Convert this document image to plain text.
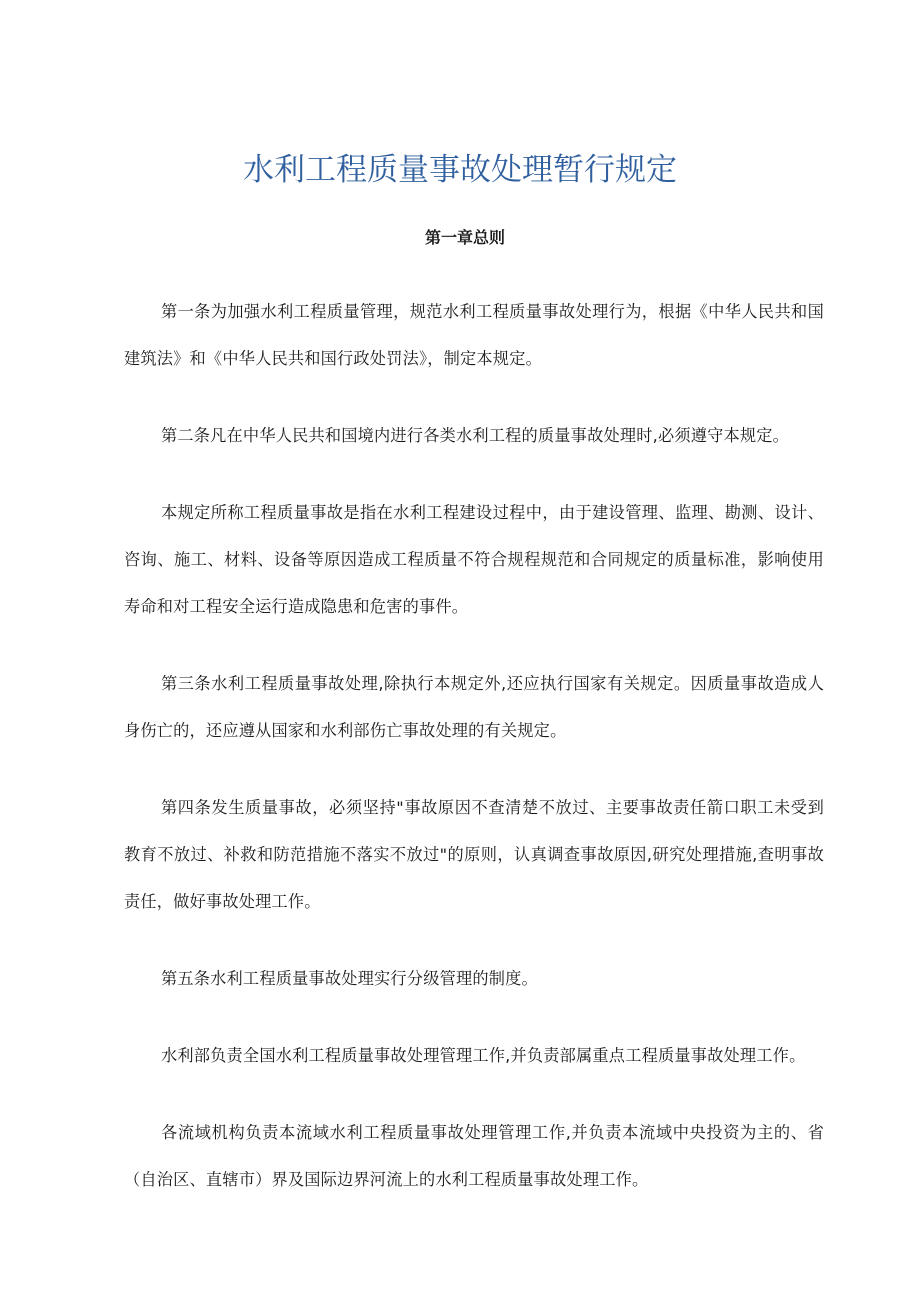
水利工程质量事故处理暂行规定
第一章总则

第一条为加强水利工程质量管理，规范水利工程质量事故处理行为，根据《中华人民共和国建筑法》和《中华人民共和国行政处罚法》，制定本规定。

第二条凡在中华人民共和国境内进行各类水利工程的质量事故处理时,必须遵守本规定。

本规定所称工程质量事故是指在水利工程建设过程中，由于建设管理、监理、勘测、设计、咨询、施工、材料、设备等原因造成工程质量不符合规程规范和合同规定的质量标准，影响使用寿命和对工程安全运行造成隐患和危害的事件。

第三条水利工程质量事故处理,除执行本规定外,还应执行国家有关规定。因质量事故造成人身伤亡的，还应遵从国家和水利部伤亡事故处理的有关规定。

第四条发生质量事故，必须坚持"事故原因不查清楚不放过、主要事故责任箭口职工未受到教育不放过、补救和防范措施不落实不放过"的原则，认真调查事故原因,研究处理措施,查明事故责任，做好事故处理工作。

第五条水利工程质量事故处理实行分级管理的制度。

水利部负责全国水利工程质量事故处理管理工作,并负责部属重点工程质量事故处理工作。

各流域机构负责本流域水利工程质量事故处理管理工作,并负责本流域中央投资为主的、省（自治区、直辖市）界及国际边界河流上的水利工程质量事故处理工作。
